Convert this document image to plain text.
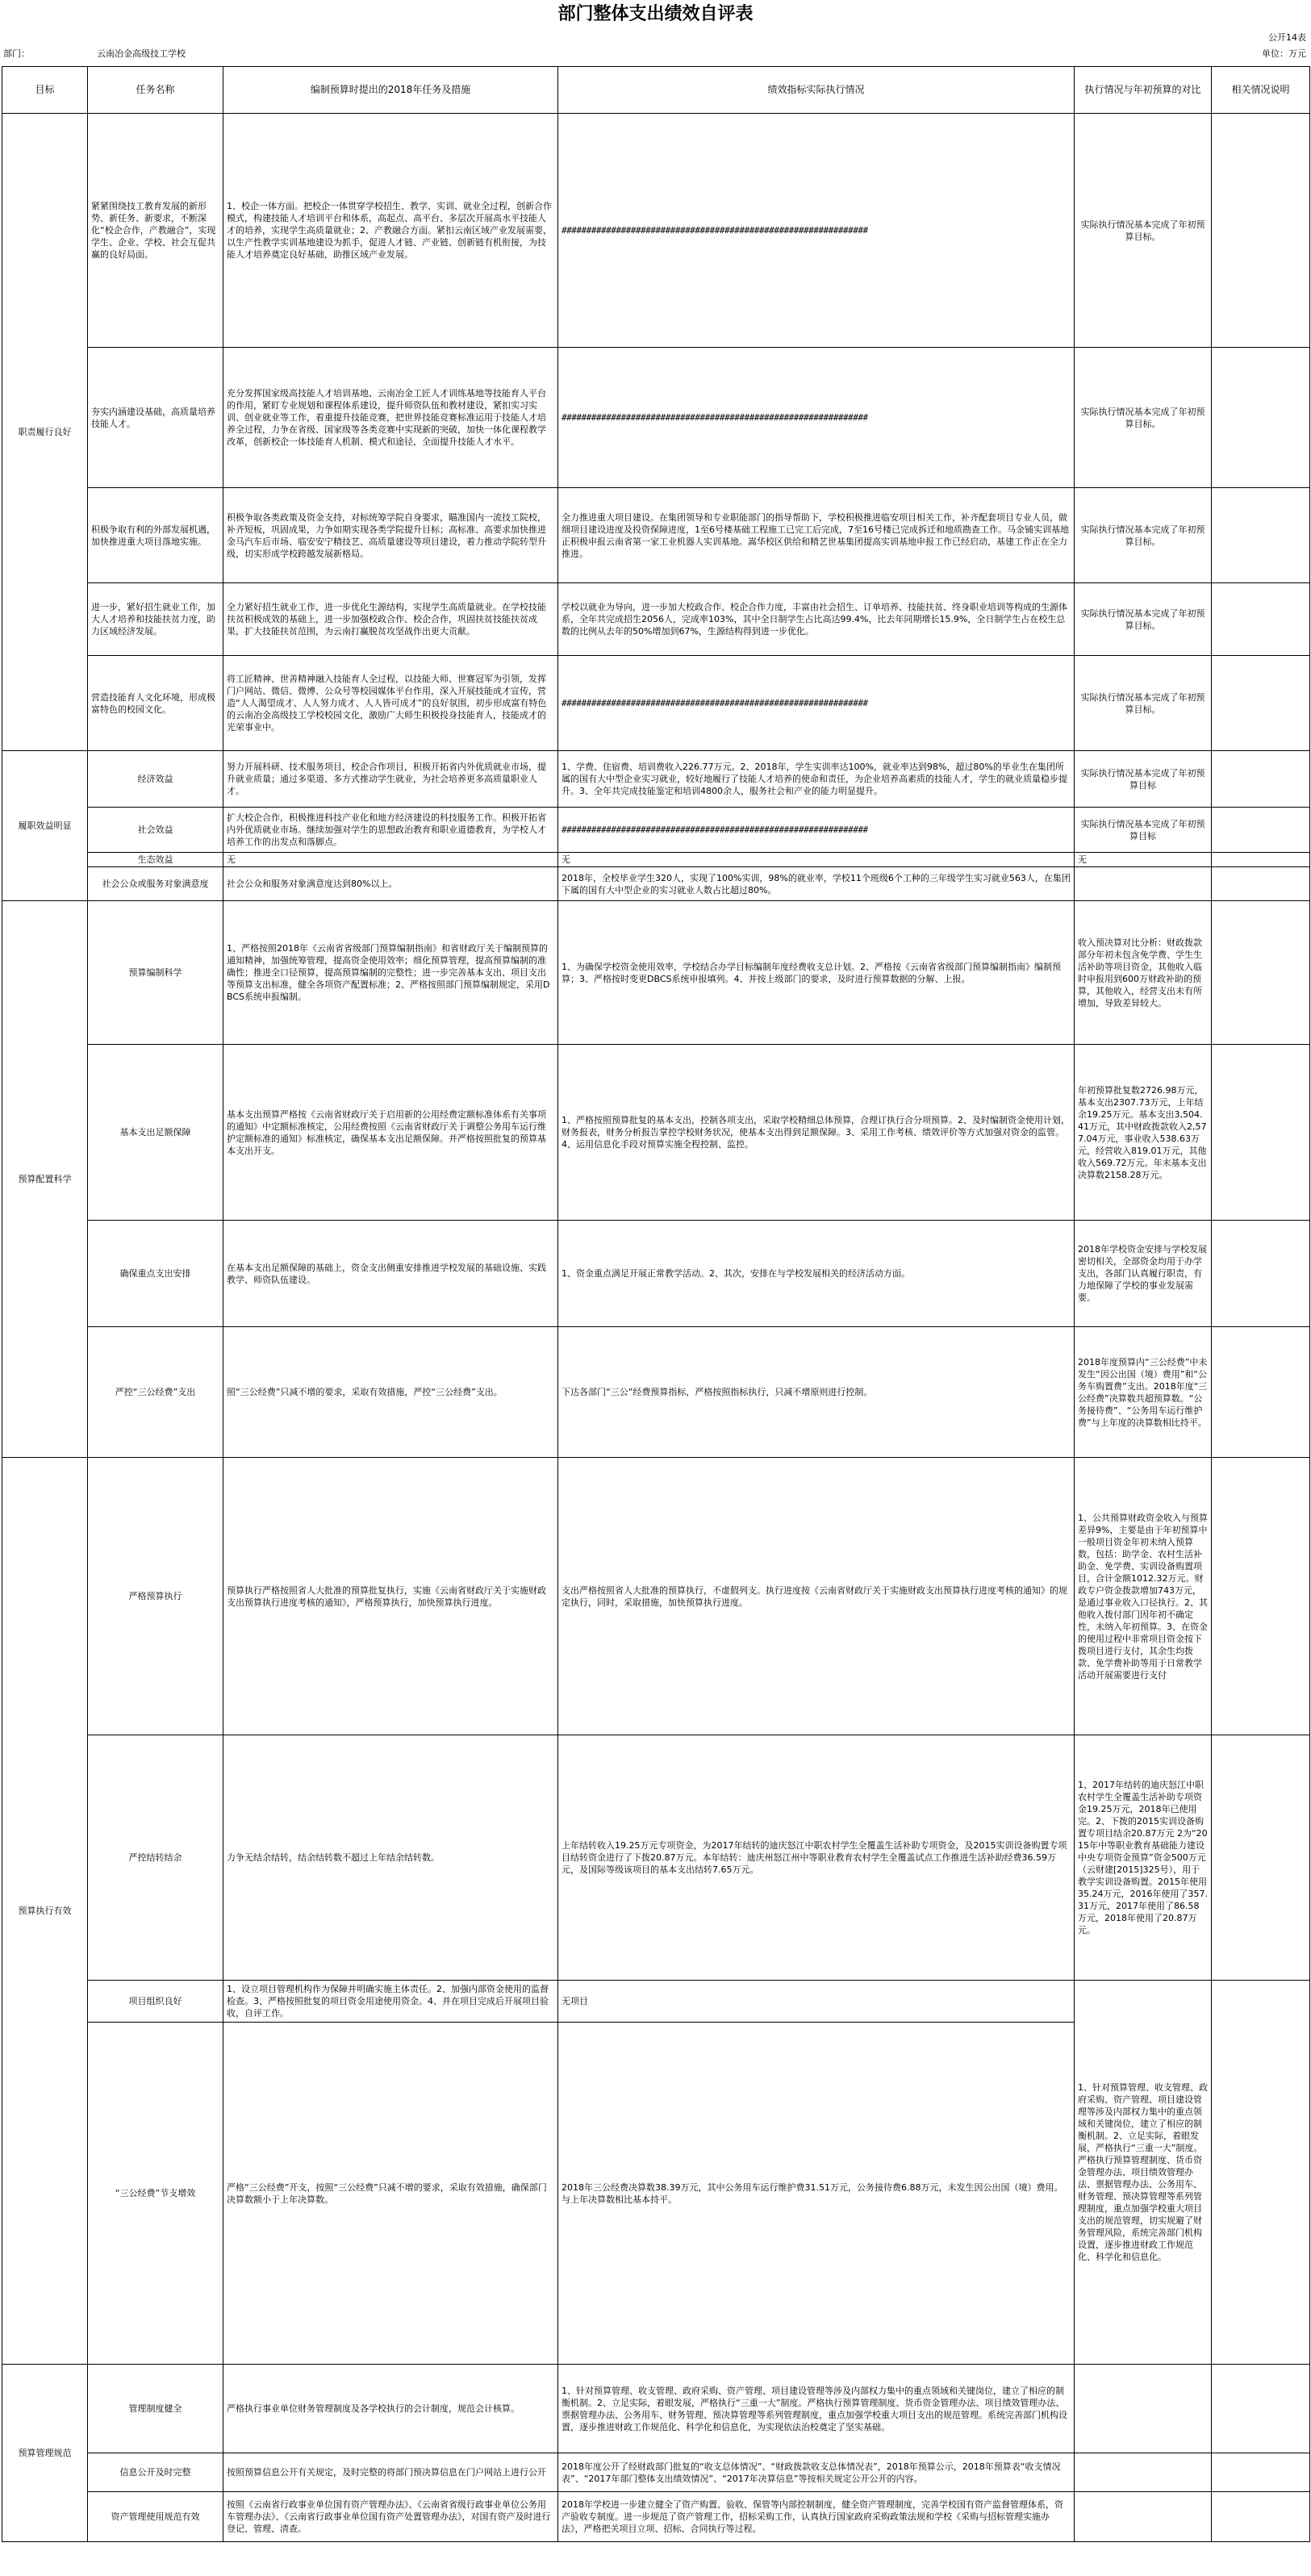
部门整体支出绩效自评表
公开14表
部门：	云南冶金高级技工学校	单位：万元
目标	任务名称	编制预算时提出的2018年任务及措施	绩效指标实际执行情况	执行情况与年初预算的对比	相关情况说明
职责履行良好	紧紧围绕技工教育发展的新形势、新任务、新要求，不断深化“校企合作，产教融合”，实现学生、企业、学校、社会互促共赢的良好局面。	1、校企一体方面。把校企一体贯穿学校招生、教学、实训、就业全过程，创新合作模式，构建技能人才培训平台和体系，高起点、高平台、多层次开展高水平技能人才的培养，实现学生高质量就业；2、产教融合方面。紧扣云南区域产业发展需要，以生产性教学实训基地建设为抓手，促进人才链、产业链、创新链有机衔接，为技能人才培养奠定良好基础，助推区域产业发展。	##############################################################	实际执行情况基本完成了年初预算目标。	
	夯实内涵建设基础，高质量培养技能人才。	充分发挥国家级高技能人才培训基地、云南冶金工匠人才训练基地等技能育人平台的作用，紧盯专业规划和课程体系建设，提升师资队伍和教材建设，紧扣实习实训、创业就业等工作，着重提升技能竞赛，把世界技能竞赛标准运用于技能人才培养全过程，力争在省级、国家级等各类竞赛中实现新的突破，加快一体化课程教学改革，创新校企一体技能育人机制、模式和途径，全面提升技能人才水平。	##############################################################	实际执行情况基本完成了年初预算目标。	
	积极争取有利的外部发展机遇，加快推进重大项目落地实施。	积极争取各类政策及资金支持，对标统筹学院自身要求，瞄准国内一流技工院校，补齐短板，巩固成果，力争如期实现各类学院提升目标；高标准、高要求加快推进金马汽车后市场、临安安宁精技艺、高质量建设等项目建设，着力推动学院转型升级，切实形成学校跨越发展新格局。	全力推进重大项目建设。在集团领导和专业职能部门的指导帮助下，学校积极推进临安项目相关工作，补齐配套项目专业人员，做细项目建设进度及投资保障进度，1至6号楼基础工程施工已完工后完成，7至16号楼已完成拆迁和地质勘查工作。马金铺实训基地正积极申报云南省第一家工业机器人实训基地。嵩华校区供给和精艺世基集团提高实训基地申报工作已经启动，基建工作正在全力推进。	实际执行情况基本完成了年初预算目标。	
	进一步，紧好招生就业工作，加大人才培养和技能扶贫力度，助力区域经济发展。	全力紧好招生就业工作，进一步优化生源结构，实现学生高质量就业。在学校技能扶贫积极成效的基础上，进一步加强校政合作、校企合作，巩固扶贫技能扶贫成果，扩大技能扶贫范围，为云南打赢脱贫攻坚战作出更大贡献。	学校以就业为导向，进一步加大校政合作、校企合作力度，丰富由社会招生、订单培养、技能扶贫、终身职业培训等构成的生源体系，全年共完成招生2056人，完成率103%，其中全日制学生占比高达99.4%，比去年同期增长15.9%，全日制学生占在校生总数的比例从去年的50%增加到67%，生源结构得到进一步优化。	实际执行情况基本完成了年初预算目标。	
	营造技能育人文化环境，形成极富特色的校园文化。	将工匠精神、世善精神融入技能育人全过程，以技能大师、世赛冠军为引领，发挥门户网站、微信、微博、公众号等校园媒体平台作用，深入开展技能成才宣传，营造“人人渴望成才、人人努力成才、人人皆可成才”的良好氛围，初步形成富有特色的云南冶金高级技工学校校园文化，激励广大师生积极投身技能育人，技能成才的光荣事业中。	##############################################################	实际执行情况基本完成了年初预算目标。	
履职效益明显	经济效益	努力开展科研、技术服务项目，校企合作项目，积极开拓省内外优质就业市场，提升就业质量；通过多渠道、多方式推动学生就业，为社会培养更多高质量职业人才。	1、学费、住宿费、培训费收入226.77万元。2、2018年，学生实训率达100%，就业率达到98%，超过80%的毕业生在集团所属的国有大中型企业实习就业，较好地履行了技能人才培养的使命和责任，为企业培养高素质的技能人才，学生的就业质量稳步提升。3、全年共完成技能鉴定和培训4800余人，服务社会和产业的能力明显提升。	实际执行情况基本完成了年初预算目标	
	社会效益	扩大校企合作，积极推进科技产业化和地方经济建设的科技服务工作。积极开拓省内外优质就业市场。继续加强对学生的思想政治教育和职业道德教育，为学校人才培养工作的出发点和落脚点。	##############################################################	实际执行情况基本完成了年初预算目标	
	生态效益	无	无	无	
	社会公众或服务对象满意度	社会公众和服务对象满意度达到80%以上。	2018年，全校毕业学生320人，实现了100%实训，98%的就业率，学校11个班级6个工种的三年级学生实习就业563人，在集团下属的国有大中型企业的实习就业人数占比超过80%。		
预算配置科学	预算编制科学	1、严格按照2018年《云南省省级部门预算编制指南》和省财政厅关于编制预算的通知精神，加强统筹管理，提高资金使用效率；细化预算管理，提高预算编制的准确性；推进全口径预算，提高预算编制的完整性；进一步完善基本支出、项目支出等预算支出标准，健全各项资产配置标准；2、严格按照部门预算编制规定，采用DBCS系统申报编制。	1、为确保学校资金使用效率，学校结合办学目标编制年度经费收支总计划。2、严格按《云南省省级部门预算编制指南》编制预算；3、严格按时变更DBCS系统申报填列。4、并按上级部门的要求，及时进行预算数据的分解、上报。	收入预决算对比分析：财政拨款部分年初未包含免学费、学生生活补助等项目资金，其他收入临时申报用到600万财政补助的预算，其他收入，经营支出未有所增加，导致差异较大。	
	基本支出足额保障	基本支出预算严格按《云南省财政厅关于启用新的公用经费定额标准体系有关事项的通知》中定额标准核定，公用经费按照《云南省财政厅关于调整公务用车运行维护定额标准的通知》标准核定，确保基本支出足额保障。并严格按照批复的预算基本支出开支。	1、严格按照预算批复的基本支出，控制各项支出，采取学校精细总体预算，合理订执行合分项预算。2、及时编制资金使用计划，财务报表，财务分析报告掌控学校财务状况，使基本支出得到足额保障。3、采用工作考核、绩效评价等方式加强对资金的监管。4、运用信息化手段对预算实施全程控制、监控。	年初预算批复数2726.98万元，基本支出2307.73万元，上年结余19.25万元。基本支出3,504.41万元，其中财政拨款收入2,577.04万元，事业收入538.63万元，经营收入819.01万元，其他收入569.72万元。年末基本支出决算数2158.28万元。	
	确保重点支出安排	在基本支出足额保障的基础上，资金支出侧重安排推进学校发展的基础设施、实践教学、师资队伍建设。	1、资金重点满足开展正常教学活动。2、其次，安排在与学校发展相关的经济活动方面。	2018年学校资金安排与学校发展密切相关，全部资金均用于办学支出，各部门认真履行职责，有力地保障了学校的事业发展需要。	
	严控“三公经费”支出	照“三公经费”只减不增的要求，采取有效措施，严控“三公经费”支出。	下达各部门“三公”经费预算指标，严格按照指标执行，只减不增原则进行控制。	2018年度预算内“三公经费”中未发生“因公出国（境）费用”和“公务车购置费”支出。2018年度“三公经费”决算数共超预算数。“公务接待费”、“公务用车运行维护费”与上年度的决算数相比持平。	
预算执行有效	严格预算执行	预算执行严格按照省人大批准的预算批复执行，实施《云南省财政厅关于实施财政支出预算执行进度考核的通知》，严格预算执行，加快预算执行进度。	支出严格按照省人大批准的预算执行，不虚假列支。执行进度按《云南省财政厅关于实施财政支出预算执行进度考核的通知》的规定执行，同时，采取措施，加快预算执行进度。	1、公共预算财政资金收入与预算差异9%，主要是由于年初预算中一般项目资金年初未纳入预算数，包括：助学金、农村生活补助金、免学费、实训设备购置项目，合计金额1012.32万元。财政专户资金拨款增加743万元，是通过事业收入口径执行。2、其他收入拨付部门因年初不确定性，未纳入年初预算。3、在资金的使用过程中非常项目资金按下拨项目进行支付，其余生均拨款、免学费补助等用于日常教学活动开展需要进行支付	
	严控结转结余	力争无结余结转，结余结转数不超过上年结余结转数。	上年结转收入19.25万元专项资金，为2017年结转的迪庆怒江中职农村学生全覆盖生活补助专项资金，及2015实训设备购置专项目结转资金进行了下拨20.87万元。本年结转：迪庆州怒江州中等职业教育农村学生全覆盖试点工作推进生活补助经费36.59万元，及国际等级该项目的基本支出结转7.65万元。	1、2017年结转的迪庆怒江中职农村学生全覆盖生活补助专项资金19.25万元，2018年已使用完。2、下拨的2015实训设备购置专项目结余20.87万元 2为“2015年中等职业教育基础能力建设中央专项资金预算”资金500万元（云财建[2015]325号），用于教学实训设备购置。2015年使用35.24万元，2016年使用了357.31万元，2017年使用了86.58万元，2018年使用了20.87万元。	
	项目组织良好	1、设立项目管理机构作为保障并明确实施主体责任。2、加强内部资金使用的监督检查。3、严格按照批复的项目资金用途使用资金。4、并在项目完成后开展项目验收，自评工作。	无项目	1、针对预算管理、收支管理、政府采购、资产管理、项目建设管理等涉及内部权力集中的重点领域和关键岗位，建立了相应的制衡机制。2、立足实际，着眼发展，严格执行“三重一大”制度。严格执行预算管理制度、货币资金管理办法、项目绩效管理办法、票据管理办法、公务用车、财务管理、预决算管理等系列管理制度，重点加强学校重大项目支出的规范管理，切实规避了财务管理风险，系统完善部门机构设置，逐步推进财政工作规范化、科学化和信息化。	
	“三公经费”节支增效	严格“三公经费”开支，按照“三公经费”只减不增的要求，采取有效措施，确保部门决算数额小于上年决算数。	2018年三公经费决算数38.39万元，其中公务用车运行维护费31.51万元，公务接待费6.88万元，未发生因公出国（境）费用。与上年决算数相比基本持平。		
预算管理规范	管理制度健全	严格执行事业单位财务管理制度及各学校执行的会计制度，规范会计核算。	1、针对预算管理、收支管理、政府采购、资产管理、项目建设管理等涉及内部权力集中的重点领域和关键岗位，建立了相应的制衡机制。2、立足实际，着眼发展，严格执行“三重一大”制度。严格执行预算管理制度、货币资金管理办法、项目绩效管理办法、票据管理办法、公务用车、财务管理、预决算管理等系列管理制度，重点加强学校重大项目支出的规范管理。系统完善部门机构设置，逐步推进财政工作规范化、科学化和信息化，为实现依法治校奠定了坚实基础。		
	信息公开及时完整	按照预算信息公开有关规定，及时完整的将部门预决算信息在门户网站上进行公开	2018年度公开了经财政部门批复的“收支总体情况”、“财政拨款收支总体情况表”，2018年预算公示，2018年预算表“收支情况表”、“2017年部门整体支出绩效情况”、“2017年决算信息”等按相关规定公开公开的内容。		
	资产管理使用规范有效	按照《云南省行政事业单位国有资产管理办法》、《云南省省级行政事业单位公务用车管理办法》、《云南省行政事业单位国有资产处置管理办法》，对国有资产及时进行登记、管理、清查。	2018年学校进一步建立健全了资产购置、验收、保管等内部控制制度，健全资产管理制度，完善学校国有资产监督管理体系，资产验收专制度。进一步规范了资产管理工作，招标采购工作，认真执行国家政府采购政策法规和学校《采购与招标管理实施办法》，严格把关项目立项、招标、合同执行等过程。		
